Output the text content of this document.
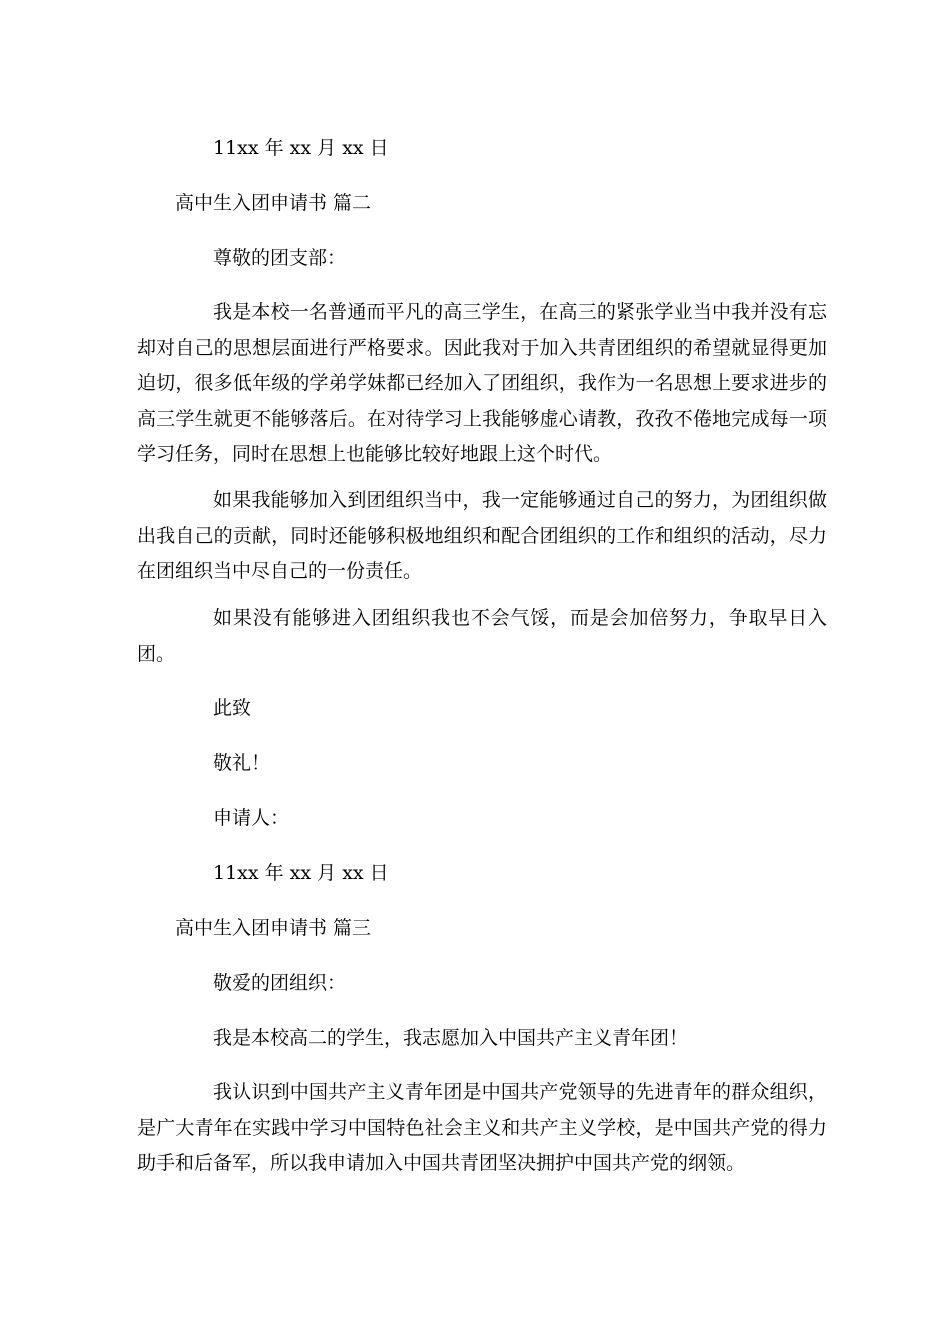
11xx 年 xx 月 xx 日
高中生入团申请书 篇二
尊敬的团支部：
我是本校一名普通而平凡的高三学生，在高三的紧张学业当中我并没有忘却对自己的思想层面进行严格要求。因此我对于加入共青团组织的希望就显得更加迫切，很多低年级的学弟学妹都已经加入了团组织，我作为一名思想上要求进步的高三学生就更不能够落后。在对待学习上我能够虚心请教，孜孜不倦地完成每一项学习任务，同时在思想上也能够比较好地跟上这个时代。
如果我能够加入到团组织当中，我一定能够通过自己的努力，为团组织做出我自己的贡献，同时还能够积极地组织和配合团组织的工作和组织的活动，尽力在团组织当中尽自己的一份责任。
如果没有能够进入团组织我也不会气馁，而是会加倍努力，争取早日入团。
此致
敬礼！
申请人：
11xx 年 xx 月 xx 日
高中生入团申请书 篇三
敬爱的团组织：
我是本校高二的学生，我志愿加入中国共产主义青年团！
我认识到中国共产主义青年团是中国共产党领导的先进青年的群众组织，是广大青年在实践中学习中国特色社会主义和共产主义学校，是中国共产党的得力助手和后备军，所以我申请加入中国共青团坚决拥护中国共产党的纲领。
